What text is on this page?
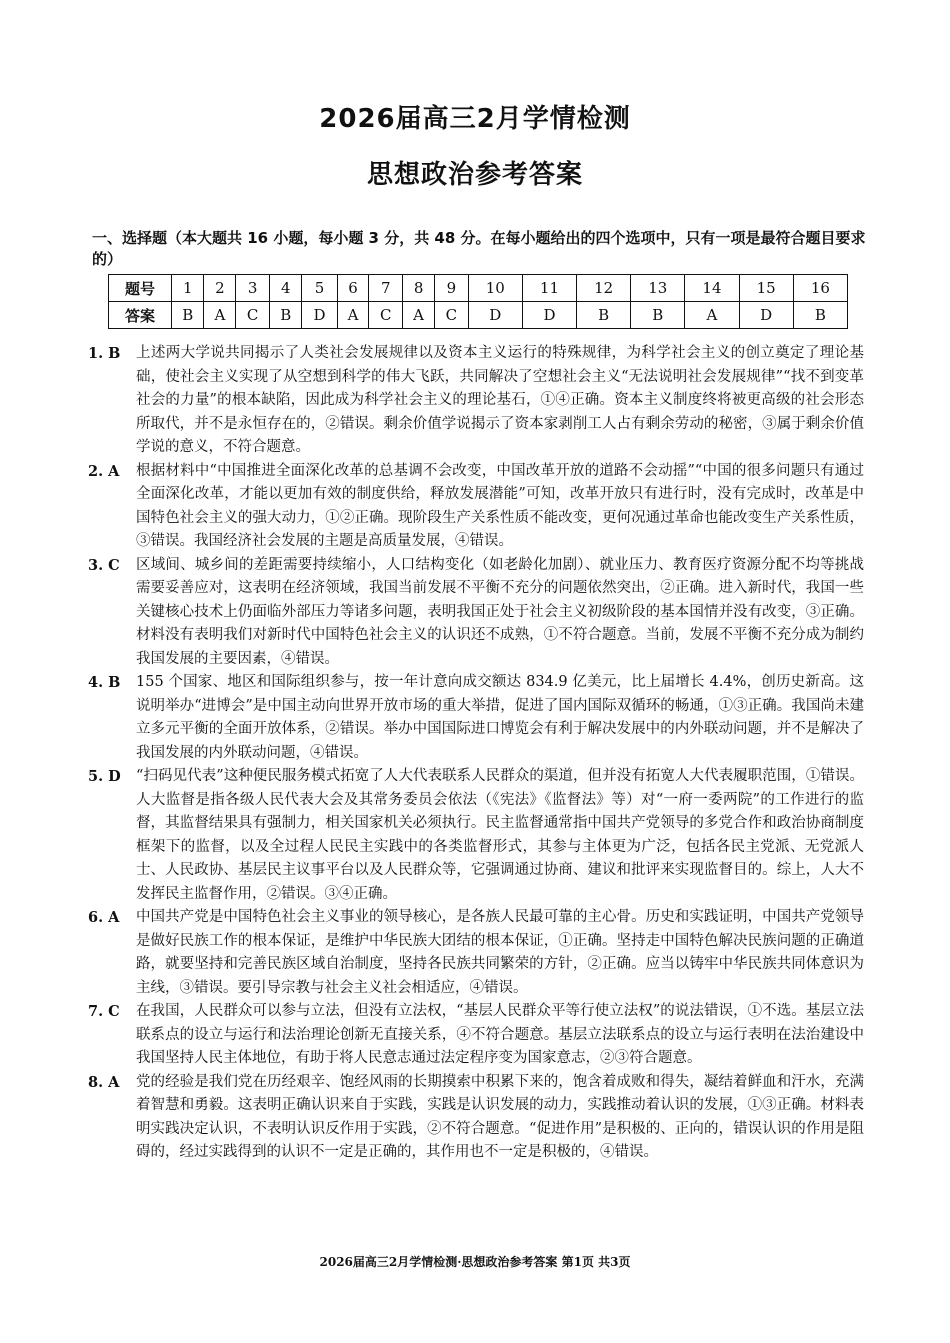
2026届高三2月学情检测
思想政治参考答案
一、选择题（本大题共 16 小题，每小题 3 分，共 48 分。在每小题给出的四个选项中，只有一项是最符合题目要求的）
题号	1	2	3	4	5	6	7	8	9	10	11	12	13	14	15	16
答案	B	A	C	B	D	A	C	A	C	D	D	B	B	A	D	B
1. B	上述两大学说共同揭示了人类社会发展规律以及资本主义运行的特殊规律，为科学社会主义的创立奠定了理论基础，使社会主义实现了从空想到科学的伟大飞跃，共同解决了空想社会主义“无法说明社会发展规律”“找不到变革社会的力量”的根本缺陷，因此成为科学社会主义的理论基石，①④正确。资本主义制度终将被更高级的社会形态所取代，并不是永恒存在的，②错误。剩余价值学说揭示了资本家剥削工人占有剩余劳动的秘密，③属于剩余价值学说的意义，不符合题意。
2. A	根据材料中“中国推进全面深化改革的总基调不会改变，中国改革开放的道路不会动摇”“中国的很多问题只有通过全面深化改革，才能以更加有效的制度供给，释放发展潜能”可知，改革开放只有进行时，没有完成时，改革是中国特色社会主义的强大动力，①②正确。现阶段生产关系性质不能改变，更何况通过革命也能改变生产关系性质，③错误。我国经济社会发展的主题是高质量发展，④错误。
3. C	区域间、城乡间的差距需要持续缩小，人口结构变化（如老龄化加剧）、就业压力、教育医疗资源分配不均等挑战需要妥善应对，这表明在经济领域，我国当前发展不平衡不充分的问题依然突出，②正确。进入新时代，我国一些关键核心技术上仍面临外部压力等诸多问题，表明我国正处于社会主义初级阶段的基本国情并没有改变，③正确。材料没有表明我们对新时代中国特色社会主义的认识还不成熟，①不符合题意。当前，发展不平衡不充分成为制约我国发展的主要因素，④错误。
4. B	155 个国家、地区和国际组织参与，按一年计意向成交额达 834.9 亿美元，比上届增长 4.4%，创历史新高。这说明举办“进博会”是中国主动向世界开放市场的重大举措，促进了国内国际双循环的畅通，①③正确。我国尚未建立多元平衡的全面开放体系，②错误。举办中国国际进口博览会有利于解决发展中的内外联动问题，并不是解决了我国发展的内外联动问题，④错误。
5. D	“扫码见代表”这种便民服务模式拓宽了人大代表联系人民群众的渠道，但并没有拓宽人大代表履职范围，①错误。人大监督是指各级人民代表大会及其常务委员会依法（《宪法》《监督法》等）对“一府一委两院”的工作进行的监督，其监督结果具有强制力，相关国家机关必须执行。民主监督通常指中国共产党领导的多党合作和政治协商制度框架下的监督，以及全过程人民民主实践中的各类监督形式，其参与主体更为广泛，包括各民主党派、无党派人士、人民政协、基层民主议事平台以及人民群众等，它强调通过协商、建议和批评来实现监督目的。综上，人大不发挥民主监督作用，②错误。③④正确。
6. A	中国共产党是中国特色社会主义事业的领导核心，是各族人民最可靠的主心骨。历史和实践证明，中国共产党领导是做好民族工作的根本保证，是维护中华民族大团结的根本保证，①正确。坚持走中国特色解决民族问题的正确道路，就要坚持和完善民族区域自治制度，坚持各民族共同繁荣的方针，②正确。应当以铸牢中华民族共同体意识为主线，③错误。要引导宗教与社会主义社会相适应，④错误。
7. C	在我国，人民群众可以参与立法，但没有立法权，“基层人民群众平等行使立法权”的说法错误，①不选。基层立法联系点的设立与运行和法治理论创新无直接关系，④不符合题意。基层立法联系点的设立与运行表明在法治建设中我国坚持人民主体地位，有助于将人民意志通过法定程序变为国家意志，②③符合题意。
8. A	党的经验是我们党在历经艰辛、饱经风雨的长期摸索中积累下来的，饱含着成败和得失，凝结着鲜血和汗水，充满着智慧和勇毅。这表明正确认识来自于实践，实践是认识发展的动力，实践推动着认识的发展，①③正确。材料表明实践决定认识，不表明认识反作用于实践，②不符合题意。“促进作用”是积极的、正向的，错误认识的作用是阻碍的，经过实践得到的认识不一定是正确的，其作用也不一定是积极的，④错误。
2026届高三2月学情检测·思想政治参考答案 第1页 共3页
